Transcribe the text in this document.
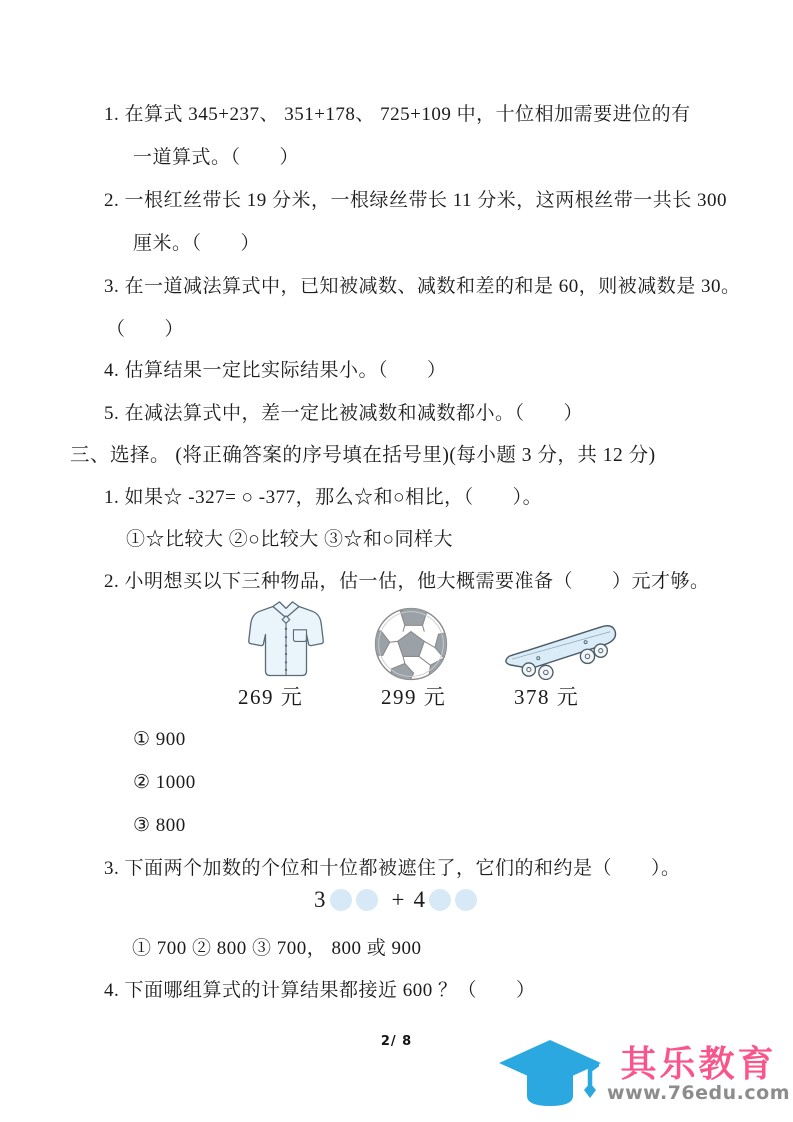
1. 在算式 345+237、 351+178、 725+109 中，十位相加需要进位的有
一道算式。（　　）
2. 一根红丝带长 19 分米，一根绿丝带长 11 分米，这两根丝带一共长 300
厘米。（　　）
3. 在一道减法算式中，已知被减数、减数和差的和是 60，则被减数是 30。
（　　）
4. 估算结果一定比实际结果小。（　　）
5. 在减法算式中，差一定比被减数和减数都小。（　　）
三、选择。 (将正确答案的序号填在括号里)(每小题 3 分，共 12 分)
1. 如果☆ -327= ○ -377，那么☆和○相比，（　　）。
①☆比较大 ②○比较大 ③☆和○同样大
2. 小明想买以下三种物品，估一估，他大概需要准备（　　）元才够。
269 元	299 元	378 元
① 900
② 1000
③ 800
3. 下面两个加数的个位和十位都被遮住了，它们的和约是（　　）。
3	+ 4
① 700 ② 800 ③ 700， 800 或 900
4. 下面哪组算式的计算结果都接近 600 ？（　　）
2/ 8
其乐教育
www.76edu.com
